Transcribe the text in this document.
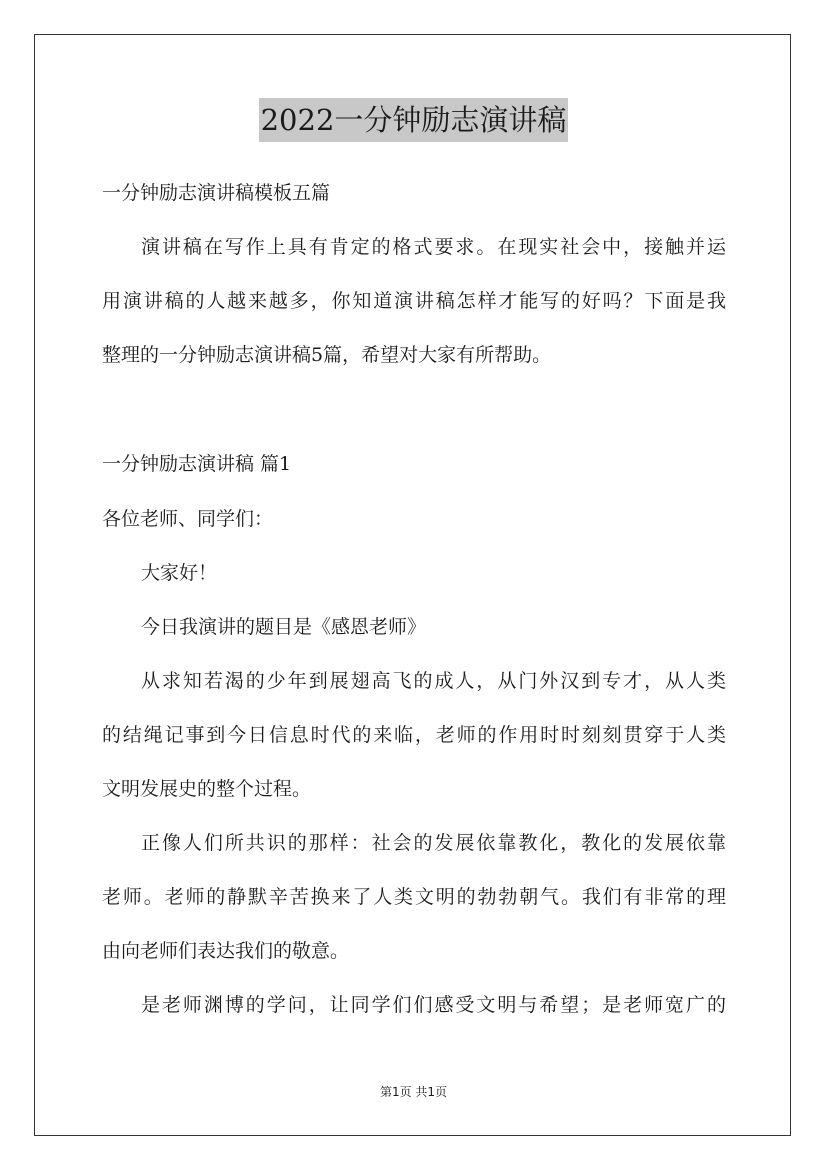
2022一分钟励志演讲稿
一分钟励志演讲稿模板五篇
演讲稿在写作上具有肯定的格式要求。在现实社会中，接触并运
用演讲稿的人越来越多，你知道演讲稿怎样才能写的好吗？下面是我
整理的一分钟励志演讲稿5篇，希望对大家有所帮助。
一分钟励志演讲稿 篇1
各位老师、同学们：
大家好！
今日我演讲的题目是《感恩老师》
从求知若渴的少年到展翅高飞的成人，从门外汉到专才，从人类
的结绳记事到今日信息时代的来临，老师的作用时时刻刻贯穿于人类
文明发展史的整个过程。
正像人们所共识的那样：社会的发展依靠教化，教化的发展依靠
老师。老师的静默辛苦换来了人类文明的勃勃朝气。我们有非常的理
由向老师们表达我们的敬意。
是老师渊博的学问，让同学们们感受文明与希望；是老师宽广的
第1页 共1页
